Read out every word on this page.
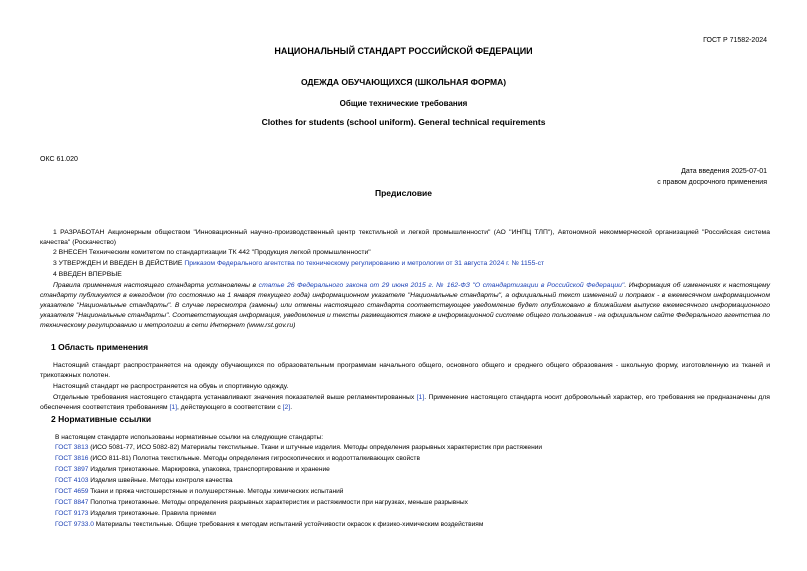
ГОСТ Р 71582-2024
НАЦИОНАЛЬНЫЙ СТАНДАРТ РОССИЙСКОЙ ФЕДЕРАЦИИ
ОДЕЖДА ОБУЧАЮЩИХСЯ (ШКОЛЬНАЯ ФОРМА)
Общие технические требования
Clothes for students (school uniform). General technical requirements
ОКС 61.020
Дата введения 2025-07-01
с правом досрочного применения
Предисловие
1 РАЗРАБОТАН Акционерным обществом "Инновационный научно-производственный центр текстильной и легкой промышленности" (АО "ИНПЦ ТЛП"), Автономной некоммерческой организацией "Российская система качества" (Роскачество)
2 ВНЕСЕН Техническим комитетом по стандартизации ТК 442 "Продукция легкой промышленности"
3 УТВЕРЖДЕН И ВВЕДЕН В ДЕЙСТВИЕ Приказом Федерального агентства по техническому регулированию и метрологии от 31 августа 2024 г. № 1155-ст
4 ВВЕДЕН ВПЕРВЫЕ
Правила применения настоящего стандарта установлены в статье 26 Федерального закона от 29 июня 2015 г. № 162-ФЗ "О стандартизации в Российской Федерации". Информация об изменениях к настоящему стандарту публикуется в ежегодном (по состоянию на 1 января текущего года) информационном указателе "Национальные стандарты", а официальный текст изменений и поправок - в ежемесячном информационном указателе "Национальные стандарты". В случае пересмотра (замены) или отмены настоящего стандарта соответствующее уведомление будет опубликовано в ближайшем выпуске ежемесячного информационного указателя "Национальные стандарты". Соответствующая информация, уведомления и тексты размещаются также в информационной системе общего пользования - на официальном сайте Федерального агентства по техническому регулированию и метрологии в сети Интернет (www.rst.gov.ru)
1 Область применения
Настоящий стандарт распространяется на одежду обучающихся по образовательным программам начального общего, основного общего и среднего общего образования - школьную форму, изготовленную из тканей и трикотажных полотен.
Настоящий стандарт не распространяется на обувь и спортивную одежду.
Отдельные требования настоящего стандарта устанавливают значения показателей выше регламентированных [1]. Применение настоящего стандарта носит добровольный характер, его требования не предназначены для обеспечения соответствия требованиям [1], действующего в соответствии с [2].
2 Нормативные ссылки
В настоящем стандарте использованы нормативные ссылки на следующие стандарты:
ГОСТ 3813 (ИСО 5081-77, ИСО 5082-82) Материалы текстильные. Ткани и штучные изделия. Методы определения разрывных характеристик при растяжении
ГОСТ 3816 (ИСО 811-81) Полотна текстильные. Методы определения гигроскопических и водоотталкивающих свойств
ГОСТ 3897 Изделия трикотажные. Маркировка, упаковка, транспортирование и хранение
ГОСТ 4103 Изделия швейные. Методы контроля качества
ГОСТ 4659 Ткани и пряжа чистошерстяные и полушерстяные. Методы химических испытаний
ГОСТ 8847 Полотна трикотажные. Методы определения разрывных характеристик и растяжимости при нагрузках, меньше разрывных
ГОСТ 9173 Изделия трикотажные. Правила приемки
ГОСТ 9733.0 Материалы текстильные. Общие требования к методам испытаний устойчивости окрасок к физико-химическим воздействиям
